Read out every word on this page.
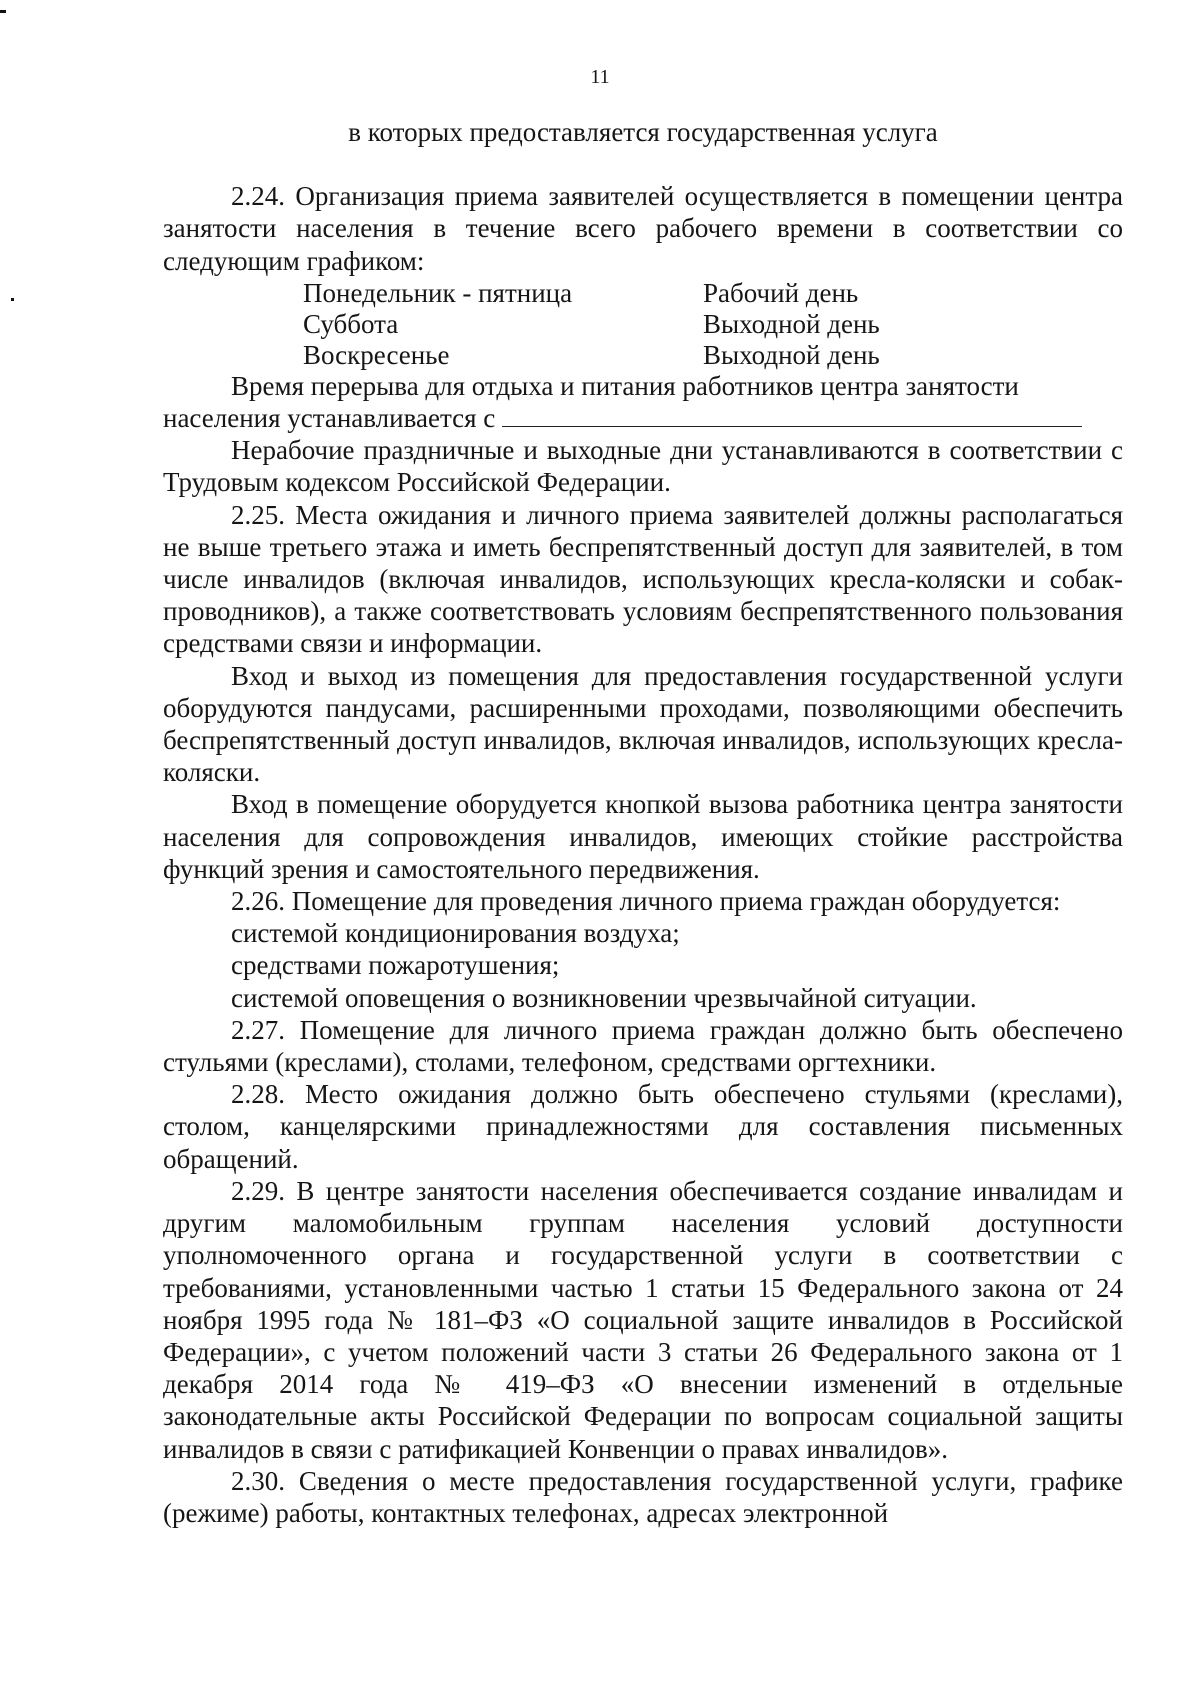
11
в которых предоставляется государственная услуга

2.24. Организация приема заявителей осуществляется в помещении центра занятости населения в течение всего рабочего времени в соответствии со следующим графиком:

Понедельник - пятница	Рабочий день
Суббота	Выходной день
Воскресенье	Выходной день

Время перерыва для отдыха и питания работников центра занятости населения устанавливается с

Нерабочие праздничные и выходные дни устанавливаются в соответствии с Трудовым кодексом Российской Федерации.

2.25. Места ожидания и личного приема заявителей должны располагаться не выше третьего этажа и иметь беспрепятственный доступ для заявителей, в том числе инвалидов (включая инвалидов, использующих кресла-коляски и собак-проводников), а также соответствовать условиям беспрепятственного пользования средствами связи и информации.

Вход и выход из помещения для предоставления государственной услуги оборудуются пандусами, расширенными проходами, позволяющими обеспечить беспрепятственный доступ инвалидов, включая инвалидов, использующих кресла-коляски.

Вход в помещение оборудуется кнопкой вызова работника центра занятости населения для сопровождения инвалидов, имеющих стойкие расстройства функций зрения и самостоятельного передвижения.

2.26. Помещение для проведения личного приема граждан оборудуется:

системой кондиционирования воздуха;
средствами пожаротушения;
системой оповещения о возникновении чрезвычайной ситуации.

2.27. Помещение для личного приема граждан должно быть обеспечено стульями (креслами), столами, телефоном, средствами оргтехники.

2.28. Место ожидания должно быть обеспечено стульями (креслами), столом, канцелярскими принадлежностями для составления письменных обращений.

2.29. В центре занятости населения обеспечивается создание инвалидам и другим маломобильным группам населения условий доступности уполномоченного органа и государственной услуги в соответствии с требованиями, установленными частью 1 статьи 15 Федерального закона от 24 ноября 1995 года № 181–ФЗ «О социальной защите инвалидов в Российской Федерации», с учетом положений части 3 статьи 26 Федерального закона от 1 декабря 2014 года № 419–ФЗ «О внесении изменений в отдельные законодательные акты Российской Федерации по вопросам социальной защиты инвалидов в связи с ратификацией Конвенции о правах инвалидов».

2.30. Сведения о месте предоставления государственной услуги, графике (режиме) работы, контактных телефонах, адресах электронной
